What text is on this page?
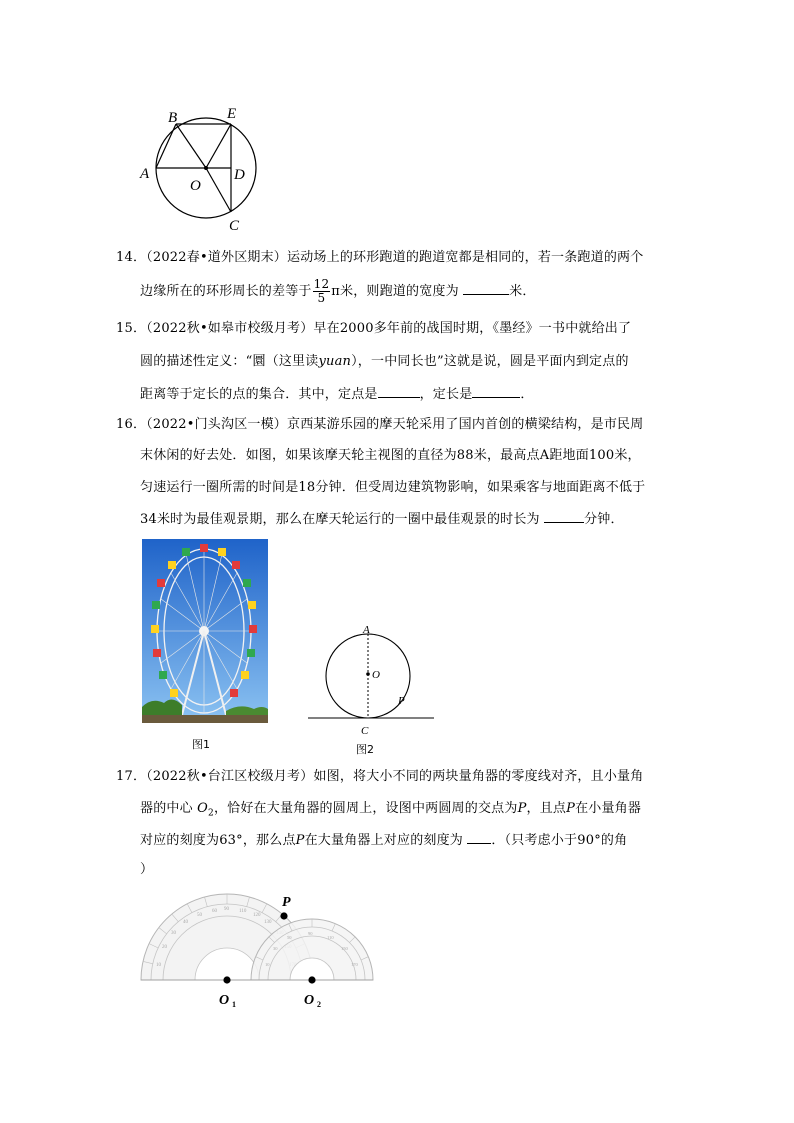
B	E
A
O
D
C
14．（2022春•道外区期末）运动场上的环形跑道的跑道宽都是相同的，若一条跑道的两个
边缘所在的环形周长的差等于 $\frac{12}{5}$ π米，则跑道的宽度为	米．
15．（2022秋•如皋市校级月考）早在2000多年前的战国时期，《墨经》一书中就给出了
圆的描述性定义：“圜（这里读yuan），一中同长也”这就是说，圆是平面内到定点的
距离等于定长的点的集合．其中，定点是	，定长是	．
16．（2022•门头沟区一模）京西某游乐园的摩天轮采用了国内首创的横梁结构，是市民周
末休闲的好去处．如图，如果该摩天轮主视图的直径为88米，最高点A距地面100米，
匀速运行一圈所需的时间是18分钟．但受周边建筑物影响，如果乘客与地面距离不低于
34米时为最佳观景期，那么在摩天轮运行的一圈中最佳观景的时长为	分钟．
图1
A
O
P
C
图2
17．（2022秋•台江区校级月考）如图，将大小不同的两块量角器的零度线对齐，且小量角
器的中心 $O_2$，恰好在大量角器的圆周上，设图中两圆周的交点为P，且点P在小量角器
对应的刻度为63°，那么点P在大量角器上对应的刻度为 ．（只考虑小于90°的角
）
10
20
30
40
50
60 90 110
120
130
10
30
50
90
110
150
170
P
O 1	O 2
